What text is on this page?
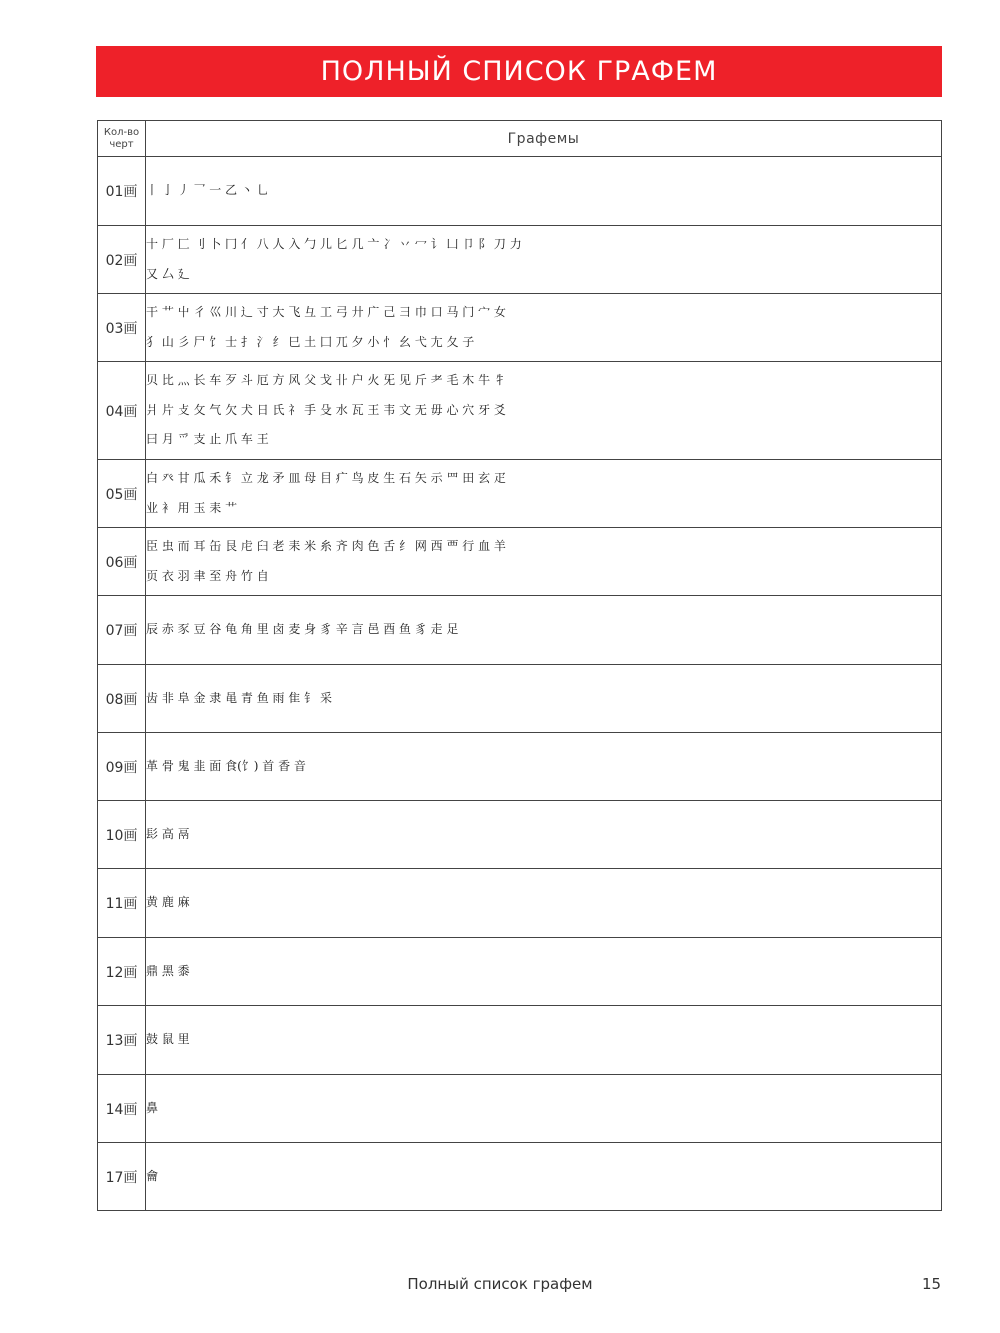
ПОЛНЫЙ СПИСОК ГРАФЕМ
Кол-во черт	Графемы
01画	丨 亅 丿 乛 一 乙 丶 乚

02画	十 厂 匚 刂 卜 冂 亻 八 人 入 勹 儿 匕 几 亠 冫 丷 冖 讠 凵 卩 阝 刀 力
又 厶 廴

03画	干 艹 屮 彳 巛 川 辶 寸 大 飞 彑 工 弓 廾 广 己 彐 巾 口 马 门 宀 女
犭 山 彡 尸 饣 士 扌 氵 纟 巳 土 囗 兀 夕 小 忄 幺 弋 尢 夂 子

04画	贝 比 灬 长 车 歹 斗 厄 方 风 父 戈 卝 户 火 旡 见 斤 耂 毛 木 牛 牜
爿 片 攴 攵 气 欠 犬 日 氏 礻 手 殳 水 瓦 王 韦 文 无 毋 心 穴 牙 爻
曰 月 爫 支 止 爪 车 王

05画	白 癶 甘 瓜 禾 钅 立 龙 矛 皿 母 目 疒 鸟 皮 生 石 矢 示 罒 田 玄 疋
业 衤 用 玉 耒 艹

06画	臣 虫 而 耳 缶 艮 虍 臼 老 耒 米 糸 齐 肉 色 舌 纟 网 西 覀 行 血 羊
页 衣 羽 聿 至 舟 竹 自

07画	辰 赤 豕 豆 谷 龟 角 里 卤 麦 身 豸 辛 言 邑 酉 鱼 豸 走 足

08画	齿 非 阜 金 隶 黾 青 鱼 雨 隹 钅 采

09画	革 骨 鬼 韭 面 食(饣) 首 香 音

10画	髟 高 鬲

11画	黄 鹿 麻

12画	鼎 黑 黍

13画	鼓 鼠 里

14画	鼻

17画	龠
Полный список графем	15
